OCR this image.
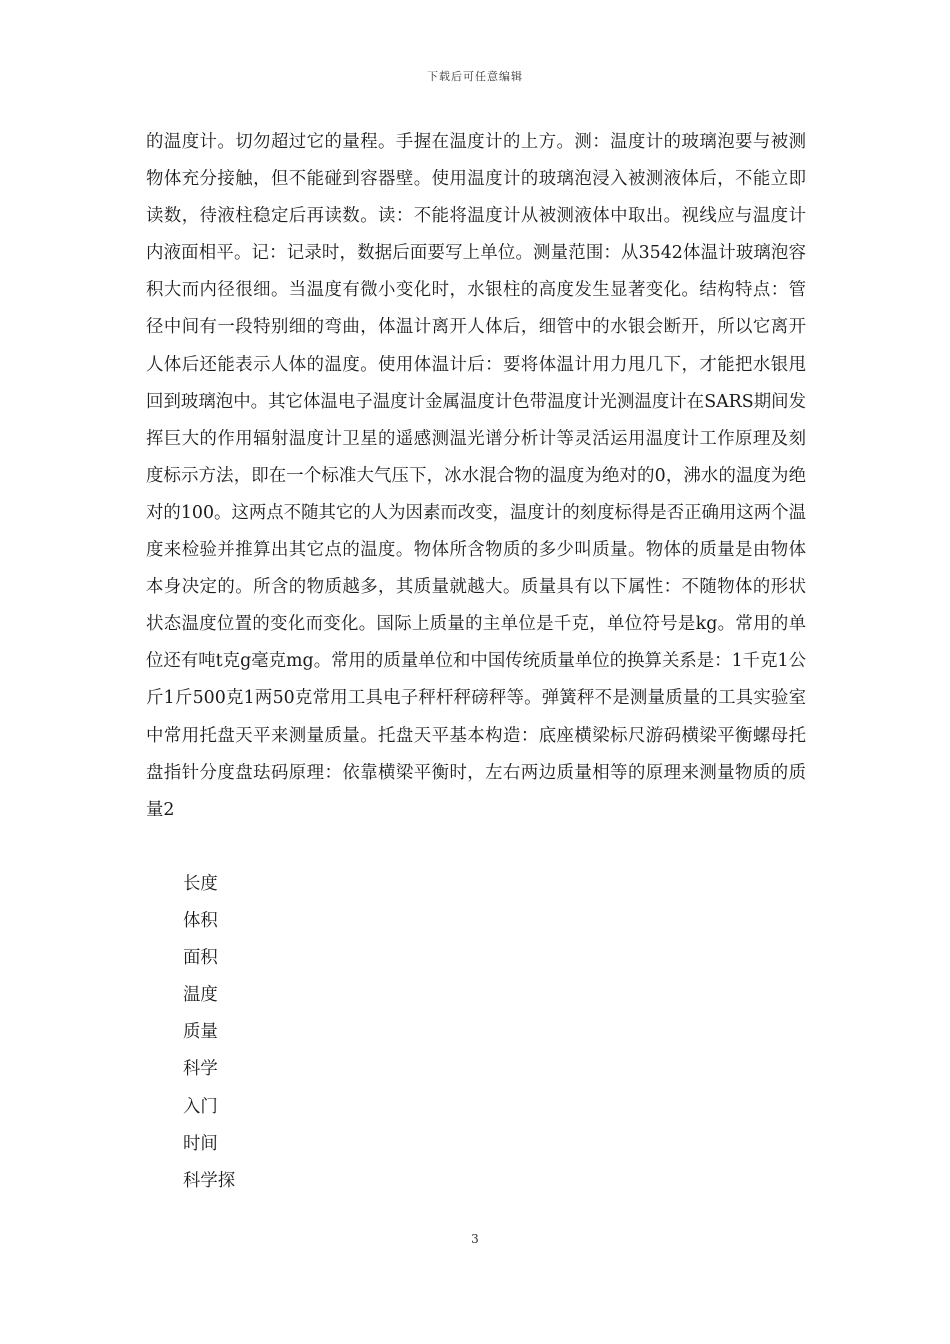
下载后可任意编辑

的温度计。切勿超过它的量程。手握在温度计的上方。测：温度计的玻璃泡要与被测物体充分接触，但不能碰到容器壁。使用温度计的玻璃泡浸入被测液体后，不能立即读数，待液柱稳定后再读数。读：不能将温度计从被测液体中取出。视线应与温度计内液面相平。记：记录时，数据后面要写上单位。测量范围：从3542体温计玻璃泡容积大而内径很细。当温度有微小变化时，水银柱的高度发生显著变化。结构特点：管径中间有一段特别细的弯曲，体温计离开人体后，细管中的水银会断开，所以它离开人体后还能表示人体的温度。使用体温计后：要将体温计用力甩几下，才能把水银甩回到玻璃泡中。其它体温电子温度计金属温度计色带温度计光测温度计在SARS期间发挥巨大的作用辐射温度计卫星的遥感测温光谱分析计等灵活运用温度计工作原理及刻度标示方法，即在一个标准大气压下，冰水混合物的温度为绝对的0，沸水的温度为绝对的100。这两点不随其它的人为因素而改变，温度计的刻度标得是否正确用这两个温度来检验并推算出其它点的温度。物体所含物质的多少叫质量。物体的质量是由物体本身决定的。所含的物质越多，其质量就越大。质量具有以下属性：不随物体的形状状态温度位置的变化而变化。国际上质量的主单位是千克，单位符号是kg。常用的单位还有吨t克g毫克mg。常用的质量单位和中国传统质量单位的换算关系是：1千克1公斤1斤500克1两50克常用工具电子秤杆秤磅秤等。弹簧秤不是测量质量的工具实验室中常用托盘天平来测量质量。托盘天平基本构造：底座横梁标尺游码横梁平衡螺母托盘指针分度盘珐码原理：依靠横梁平衡时，左右两边质量相等的原理来测量物质的质量2

长度
体积
面积
温度
质量
科学
入门
时间
科学探
3
